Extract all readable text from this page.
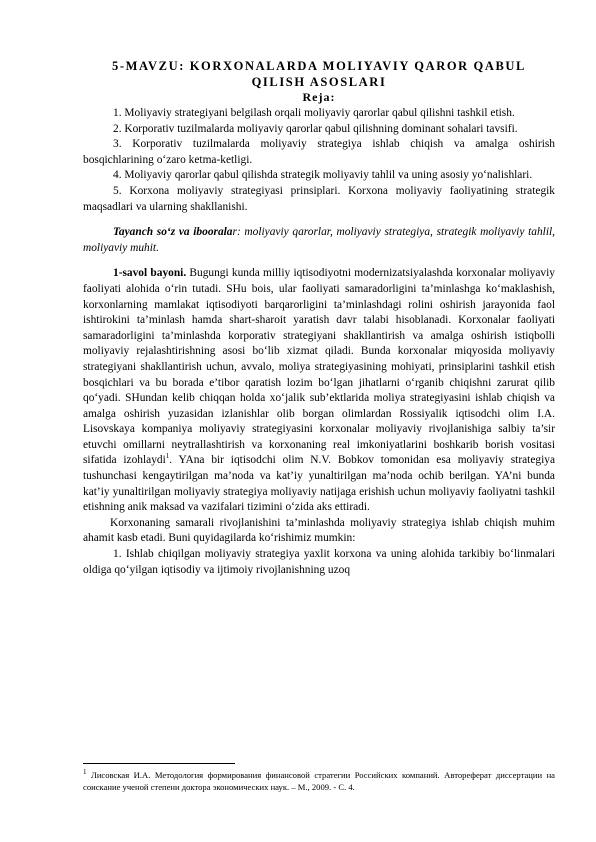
5-MAVZU: KORXONALARDA MOLIYAVIY QAROR QABUL

QILISH ASOSLARI

Reja:

1. Moliyaviy strategiyani belgilash orqali moliyaviy qarorlar qabul qilishni tashkil etish.

2. Korporativ tuzilmalarda moliyaviy qarorlar qabul qilishning dominant sohalari tavsifi.

3. Korporativ tuzilmalarda moliyaviy strategiya ishlab chiqish va amalga oshirish bosqichlarining o‘zaro ketma-ketligi.

4. Moliyaviy qarorlar qabul qilishda strategik moliyaviy tahlil va uning asosiy yo‘nalishlari.

5. Korxona moliyaviy strategiyasi prinsiplari. Korxona moliyaviy faoliyatining strategik maqsadlari va ularning shakllanishi.

Tayanch so‘z va ibooralar: moliyaviy qarorlar, moliyaviy strategiya, strategik moliyaviy tahlil, moliyaviy muhit.

1-savol bayoni. Bugungi kunda milliy iqtisodiyotni modernizatsiyalashda korxonalar moliyaviy faoliyati alohida o‘rin tutadi. SHu bois, ular faoliyati samaradorligini ta’minlashga ko‘maklashish, korxonlarning mamlakat iqtisodiyoti barqarorligini ta’minlashdagi rolini oshirish jarayonida faol ishtirokini ta’minlash hamda shart-sharoit yaratish davr talabi hisoblanadi. Korxonalar faoliyati samaradorligini ta’minlashda korporativ strategiyani shakllantirish va amalga oshirish istiqbolli moliyaviy rejalashtirishning asosi bo‘lib xizmat qiladi. Bunda korxonalar miqyosida moliyaviy strategiyani shakllantirish uchun, avvalo, moliya strategiyasining mohiyati, prinsiplarini tashkil etish bosqichlari va bu borada e’tibor qaratish lozim bo‘lgan jihatlarni o‘rganib chiqishni zarurat qilib qo‘yadi. SHundan kelib chiqqan holda xo‘jalik sub’ektlarida moliya strategiyasini ishlab chiqish va amalga oshirish yuzasidan izlanishlar olib borgan olimlardan Rossiyalik iqtisodchi olim I.A. Lisovskaya kompaniya moliyaviy strategiyasini korxonalar moliyaviy rivojlanishiga salbiy ta’sir etuvchi omillarni neytrallashtirish va korxonaning real imkoniyatlarini boshkarib borish vositasi sifatida izohlaydi$^1$. YAna bir iqtisodchi olim N.V. Bobkov tomonidan esa moliyaviy strategiya tushunchasi kengaytirilgan ma’noda va kat’iy yunaltirilgan ma’noda ochib berilgan. YA’ni bunda kat’iy yunaltirilgan moliyaviy strategiya moliyaviy natijaga erishish uchun moliyaviy faoliyatni tashkil etishning anik maksad va vazifalari tizimini o‘zida aks ettiradi.

Korxonaning samarali rivojlanishini ta’minlashda moliyaviy strategiya ishlab chiqish muhim ahamit kasb etadi. Buni quyidagilarda ko‘rishimiz mumkin:

1. Ishlab chiqilgan moliyaviy strategiya yaxlit korxona va uning alohida tarkibiy bo‘linmalari oldiga qo‘yilgan iqtisodiy va ijtimoiy rivojlanishning uzoq

$^1$ Лисовская И.А. Методология формирования финансовой стратегии Российских компаний. Автореферат диссертации на соискание ученой степени доктора экономических наук. – М., 2009. - С. 4.
